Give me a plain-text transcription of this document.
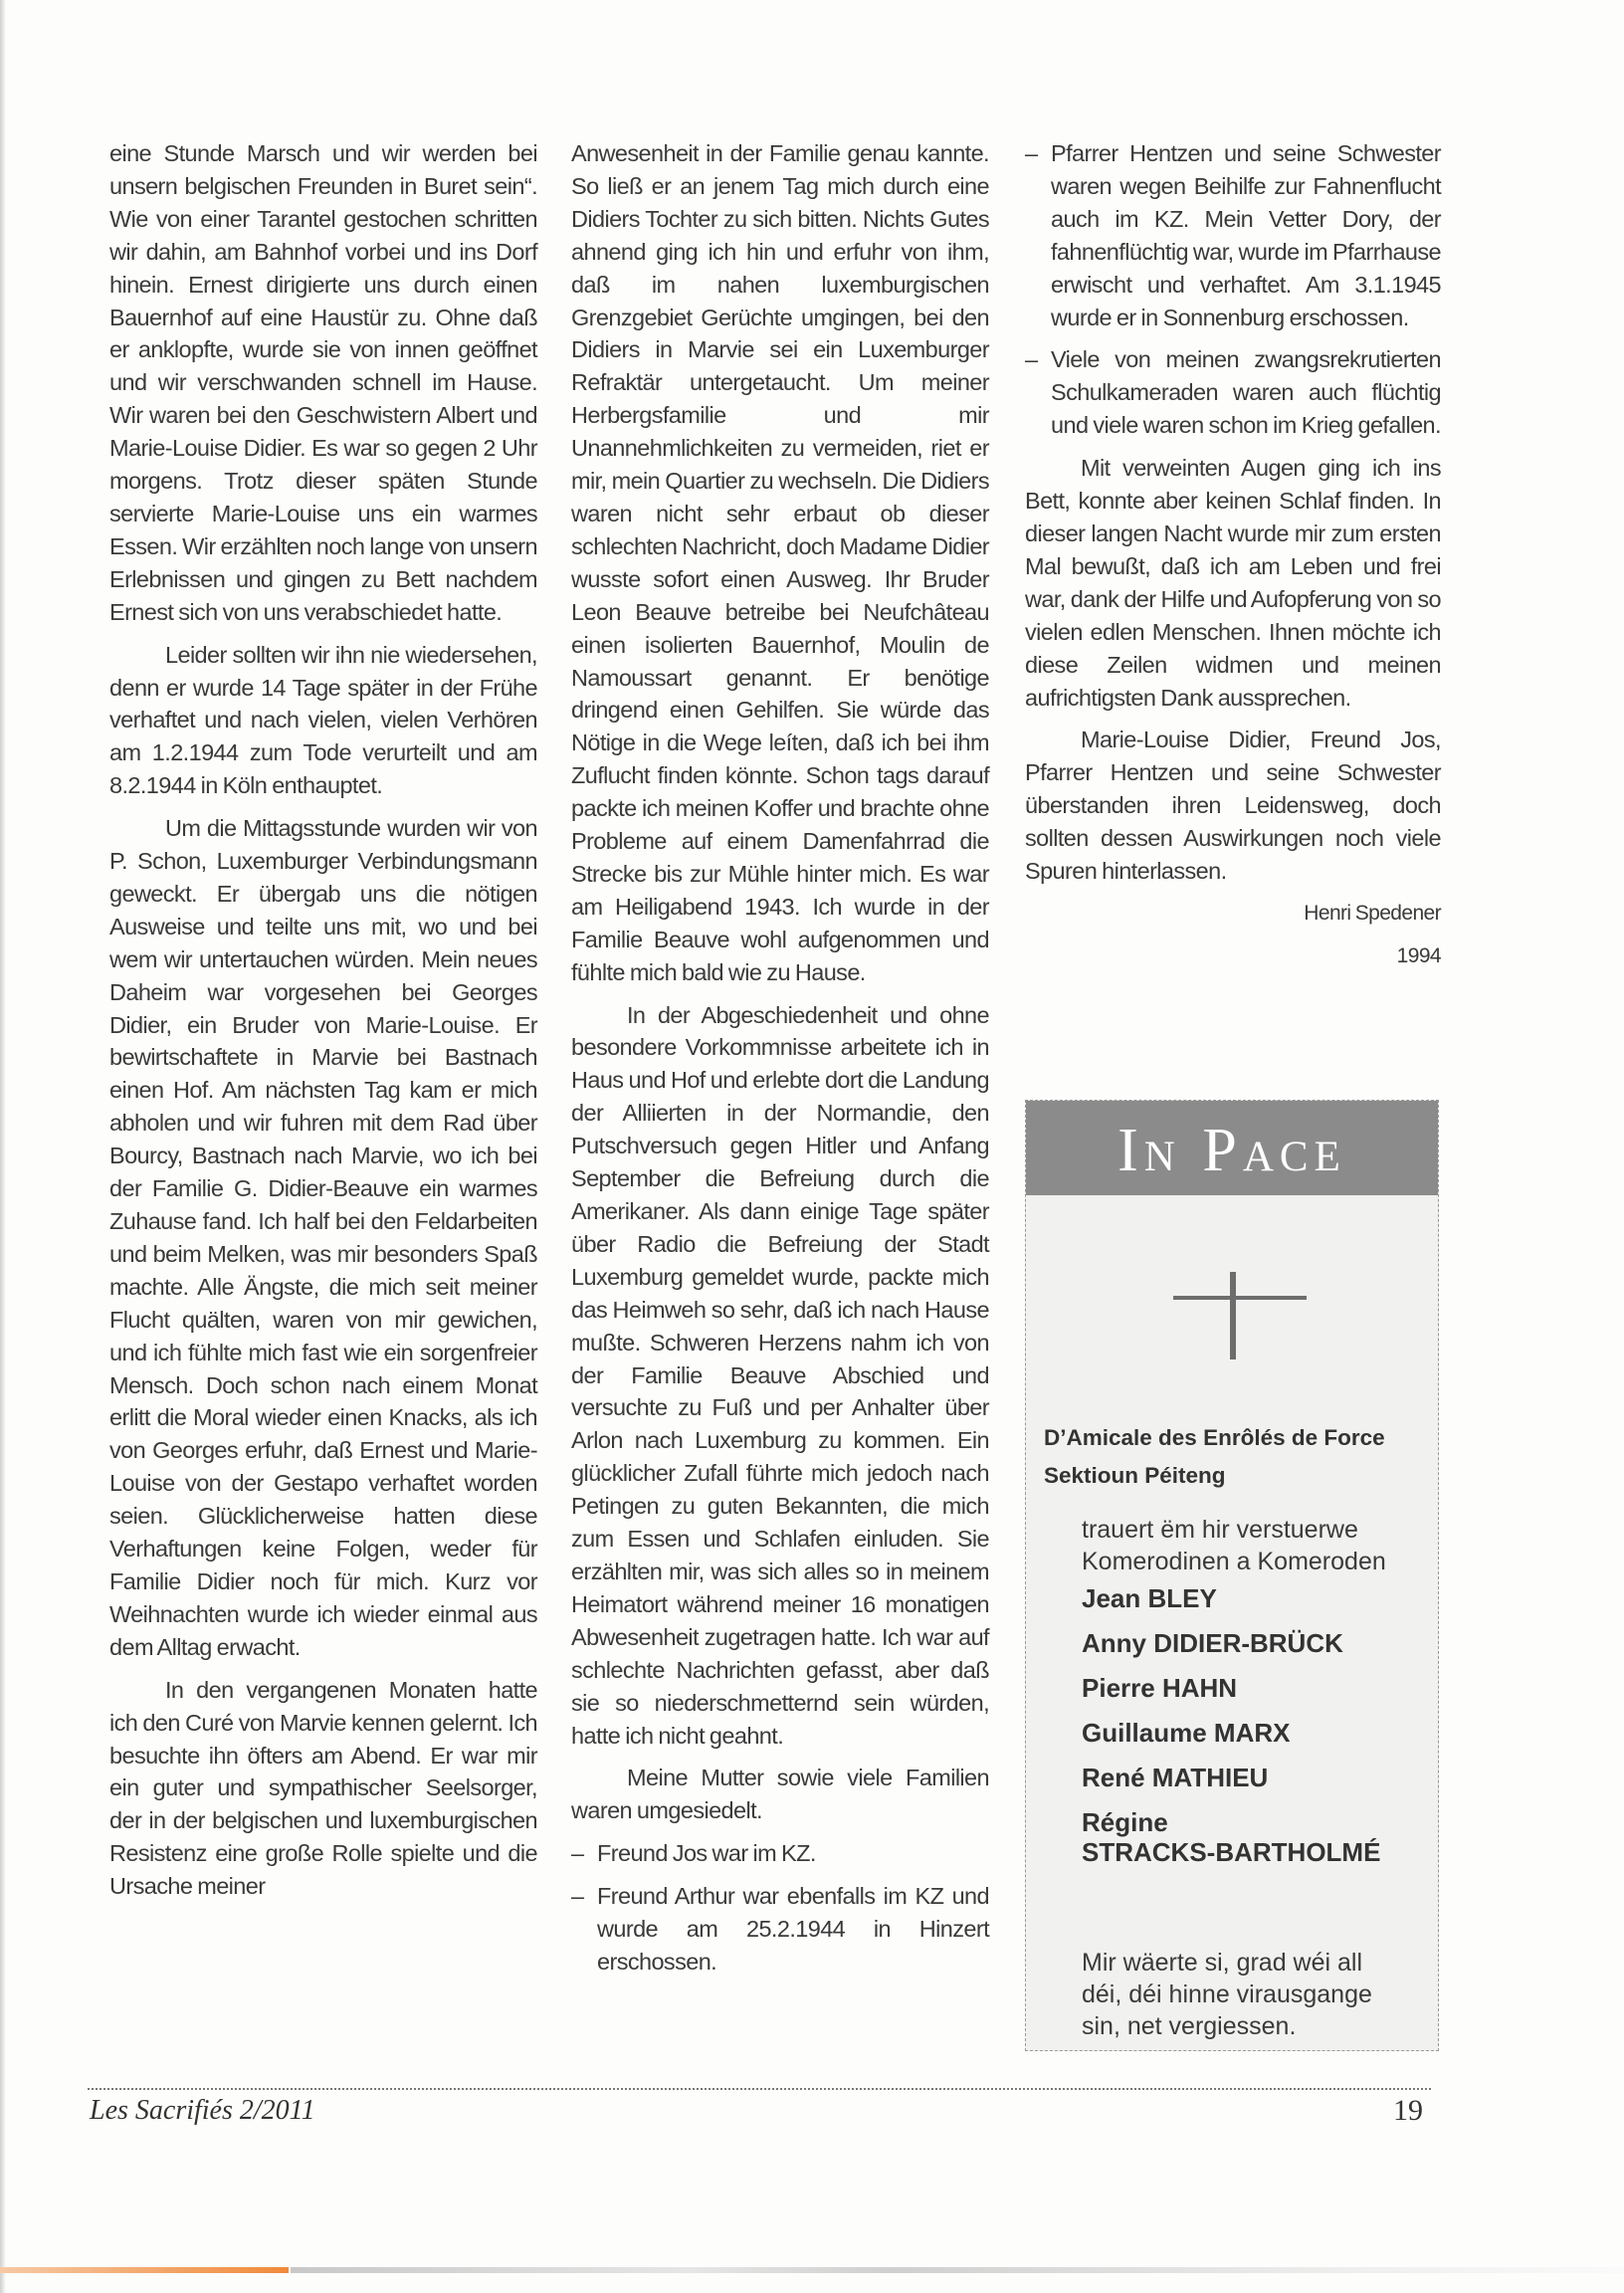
eine Stunde Marsch und wir werden bei unsern belgischen Freunden in Buret sein“. Wie von einer Tarantel gestochen schritten wir dahin, am Bahnhof vorbei und ins Dorf hinein. Ernest dirigierte uns durch einen Bauernhof auf eine Haustür zu. Ohne daß er anklopfte, wurde sie von innen geöffnet und wir verschwanden schnell im Hause. Wir waren bei den Geschwistern Albert und Marie-Louise Didier. Es war so gegen 2 Uhr morgens. Trotz dieser späten Stunde servierte Marie-Louise uns ein warmes Essen. Wir erzählten noch lange von unsern Erlebnissen und gingen zu Bett nachdem Ernest sich von uns verabschiedet hatte.

Leider sollten wir ihn nie wiedersehen, denn er wurde 14 Tage später in der Frühe verhaftet und nach vielen, vielen Verhören am 1.2.1944 zum Tode verurteilt und am 8.2.1944 in Köln enthauptet.

Um die Mittagsstunde wurden wir von P. Schon, Luxemburger Verbindungsmann geweckt. Er übergab uns die nötigen Ausweise und teilte uns mit, wo und bei wem wir untertauchen würden. Mein neues Daheim war vorgesehen bei Georges Didier, ein Bruder von Marie-Louise. Er bewirtschaftete in Marvie bei Bastnach einen Hof. Am nächsten Tag kam er mich abholen und wir fuhren mit dem Rad über Bourcy, Bastnach nach Marvie, wo ich bei der Familie G. Didier-Beauve ein warmes Zuhause fand. Ich half bei den Feldarbeiten und beim Melken, was mir besonders Spaß machte. Alle Ängste, die mich seit meiner Flucht quälten, waren von mir gewichen, und ich fühlte mich fast wie ein sorgenfreier Mensch. Doch schon nach einem Monat erlitt die Moral wieder einen Knacks, als ich von Georges erfuhr, daß Ernest und Marie-Louise von der Gestapo verhaftet worden seien. Glücklicherweise hatten diese Verhaftungen keine Folgen, weder für Familie Didier noch für mich. Kurz vor Weihnachten wurde ich wieder einmal aus dem Alltag erwacht.

In den vergangenen Monaten hatte ich den Curé von Marvie kennen gelernt. Ich besuchte ihn öfters am Abend. Er war mir ein guter und sympathischer Seelsorger, der in der belgischen und luxemburgischen Resistenz eine große Rolle spielte und die Ursache meiner

Anwesenheit in der Familie genau kannte. So ließ er an jenem Tag mich durch eine Didiers Tochter zu sich bitten. Nichts Gutes ahnend ging ich hin und erfuhr von ihm, daß im nahen luxemburgischen Grenzgebiet Gerüchte umgingen, bei den Didiers in Marvie sei ein Luxemburger Refraktär untergetaucht. Um meiner Herbergsfamilie und mir Unannehmlichkeiten zu vermeiden, riet er mir, mein Quartier zu wechseln. Die Didiers waren nicht sehr erbaut ob dieser schlechten Nachricht, doch Madame Didier wusste sofort einen Ausweg. Ihr Bruder Leon Beauve betreibe bei Neufchâteau einen isolierten Bauernhof, Moulin de Namoussart genannt. Er benötige dringend einen Gehilfen. Sie würde das Nötige in die Wege leíten, daß ich bei ihm Zuflucht finden könnte. Schon tags darauf packte ich meinen Koffer und brachte ohne Probleme auf einem Damenfahrrad die Strecke bis zur Mühle hinter mich. Es war am Heiligabend 1943. Ich wurde in der Familie Beauve wohl aufgenommen und fühlte mich bald wie zu Hause.

In der Abgeschiedenheit und ohne besondere Vorkommnisse arbeitete ich in Haus und Hof und erlebte dort die Landung der Alliierten in der Normandie, den Putschversuch gegen Hitler und Anfang September die Befreiung durch die Amerikaner. Als dann einige Tage später über Radio die Befreiung der Stadt Luxemburg gemeldet wurde, packte mich das Heimweh so sehr, daß ich nach Hause mußte. Schweren Herzens nahm ich von der Familie Beauve Abschied und versuchte zu Fuß und per Anhalter über Arlon nach Luxemburg zu kommen. Ein glücklicher Zufall führte mich jedoch nach Petingen zu guten Bekannten, die mich zum Essen und Schlafen einluden. Sie erzählten mir, was sich alles so in meinem Heimatort während meiner 16 monatigen Abwesenheit zugetragen hatte. Ich war auf schlechte Nachrichten gefasst, aber daß sie so niederschmetternd sein würden, hatte ich nicht geahnt.

Meine Mutter sowie viele Familien waren umgesiedelt.

– Freund Jos war im KZ.
– Freund Arthur war ebenfalls im KZ und wurde am 25.2.1944 in Hinzert erschossen.
– Pfarrer Hentzen und seine Schwester waren wegen Beihilfe zur Fahnenflucht auch im KZ. Mein Vetter Dory, der fahnenflüchtig war, wurde im Pfarrhause erwischt und verhaftet. Am 3.1.1945 wurde er in Sonnenburg erschossen.
– Viele von meinen zwangsrekrutierten Schulkameraden waren auch flüchtig und viele waren schon im Krieg gefallen.

Mit verweinten Augen ging ich ins Bett, konnte aber keinen Schlaf finden. In dieser langen Nacht wurde mir zum ersten Mal bewußt, daß ich am Leben und frei war, dank der Hilfe und Aufopferung von so vielen edlen Menschen. Ihnen möchte ich diese Zeilen widmen und meinen aufrichtigsten Dank aussprechen.

Marie-Louise Didier, Freund Jos, Pfarrer Hentzen und seine Schwester überstanden ihren Leidensweg, doch sollten dessen Auswirkungen noch viele Spuren hinterlassen.

Henri Spedener
1994
In Pace
D’Amicale des Enrôlés de Force
Sektioun Péiteng
trauert ëm hir verstuerwe
Komerodinen a Komeroden
Jean BLEY
Anny DIDIER-BRÜCK
Pierre HAHN
Guillaume MARX
René MATHIEU
Régine
STRACKS-BARTHOLMÉ
Mir wäerte si, grad wéi all
déi, déi hinne virausgange
sin, net vergiessen.
Les Sacrifiés 2/2011	19
